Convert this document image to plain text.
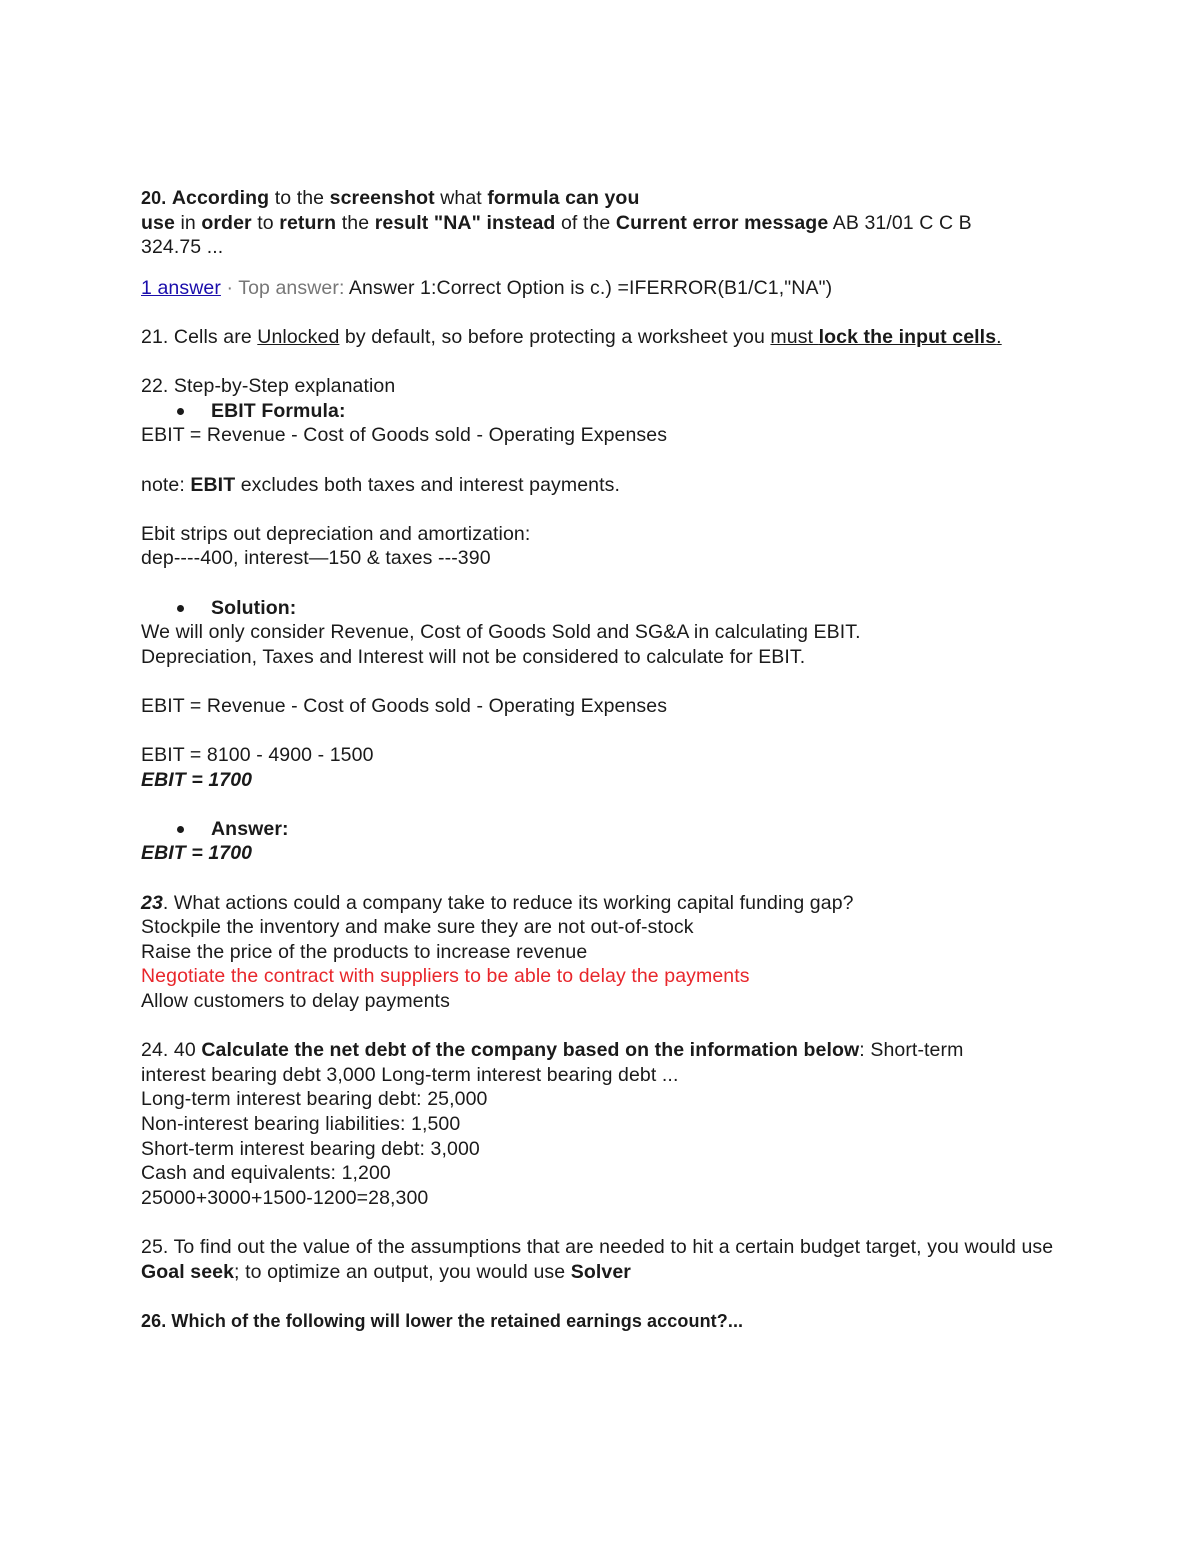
20. According to the screenshot what formula can you

use in order to return the result "NA" instead of the Current error message AB 31/01 C C B

324.75 ...

1 answer · Top answer: Answer 1:Correct Option is c.) =IFERROR(B1/C1,"NA")

21. Cells are Unlocked by default, so before protecting a worksheet you must lock the input cells.

22. Step-by-Step explanation

EBIT Formula:

EBIT = Revenue - Cost of Goods sold - Operating Expenses

note: EBIT excludes both taxes and interest payments.

Ebit strips out depreciation and amortization:

dep----400, interest—150 & taxes ---390

Solution:

We will only consider Revenue, Cost of Goods Sold and SG&A in calculating EBIT.

Depreciation, Taxes and Interest will not be considered to calculate for EBIT.

EBIT = Revenue - Cost of Goods sold - Operating Expenses

EBIT = 8100 - 4900 - 1500

EBIT = 1700

Answer:

EBIT = 1700

23. What actions could a company take to reduce its working capital funding gap?

Stockpile the inventory and make sure they are not out-of-stock

Raise the price of the products to increase revenue

Negotiate the contract with suppliers to be able to delay the payments

Allow customers to delay payments

24. 40 Calculate the net debt of the company based on the information below: Short-term

interest bearing debt 3,000 Long-term interest bearing debt ...

Long-term interest bearing debt: 25,000

Non-interest bearing liabilities: 1,500

Short-term interest bearing debt: 3,000

Cash and equivalents: 1,200

25000+3000+1500-1200=28,300

25. To find out the value of the assumptions that are needed to hit a certain budget target, you would use Goal seek; to optimize an output, you would use Solver

26. Which of the following will lower the retained earnings account?...
